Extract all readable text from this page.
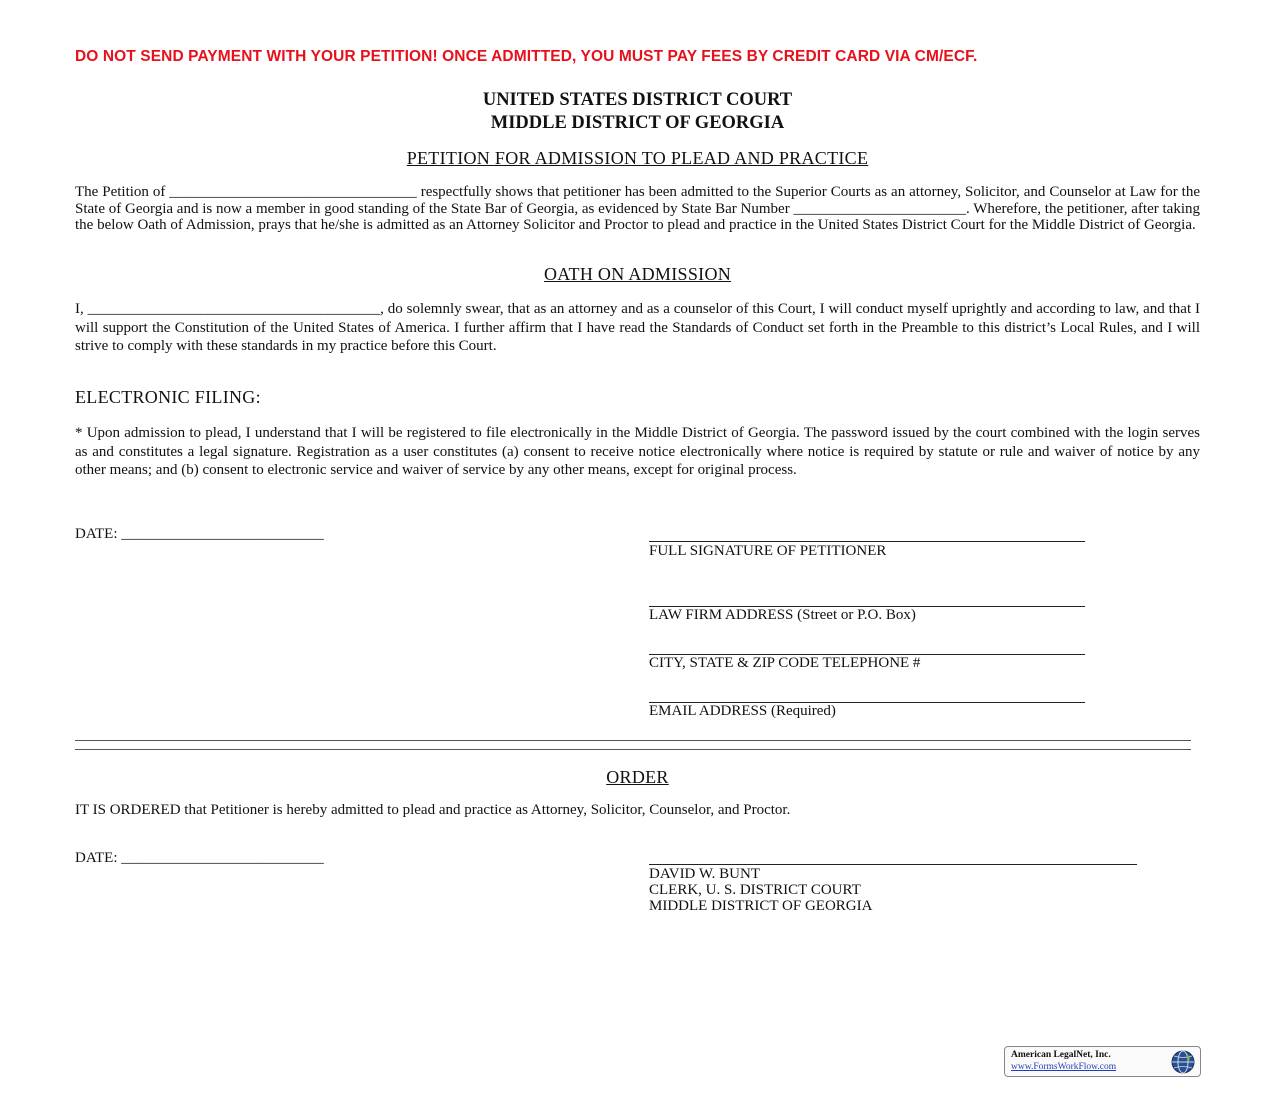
DO NOT SEND PAYMENT WITH YOUR PETITION! ONCE ADMITTED, YOU MUST PAY FEES BY CREDIT CARD VIA CM/ECF.
UNITED STATES DISTRICT COURT
MIDDLE DISTRICT OF GEORGIA
PETITION FOR ADMISSION TO PLEAD AND PRACTICE
The Petition of _________________________________ respectfully shows that petitioner has been admitted to the Superior Courts as an attorney, Solicitor, and Counselor at Law for the State of Georgia and is now a member in good standing of the State Bar of Georgia, as evidenced by State Bar Number _______________________. Wherefore, the petitioner, after taking the below Oath of Admission, prays that he/she is admitted as an Attorney Solicitor and Proctor to plead and practice in the United States District Court for the Middle District of Georgia.
OATH ON ADMISSION
I, _______________________________________, do solemnly swear, that as an attorney and as a counselor of this Court, I will conduct myself uprightly and according to law, and that I will support the Constitution of the United States of America. I further affirm that I have read the Standards of Conduct set forth in the Preamble to this district’s Local Rules, and I will strive to comply with these standards in my practice before this Court.
ELECTRONIC FILING:
* Upon admission to plead, I understand that I will be registered to file electronically in the Middle District of Georgia. The password issued by the court combined with the login serves as and constitutes a legal signature. Registration as a user constitutes (a) consent to receive notice electronically where notice is required by statute or rule and waiver of notice by any other means; and (b) consent to electronic service and waiver of service by any other means, except for original process.
DATE: ___________________________
FULL SIGNATURE OF PETITIONER
LAW FIRM ADDRESS (Street or P.O. Box)
CITY, STATE & ZIP CODE TELEPHONE #
EMAIL ADDRESS (Required)
ORDER
IT IS ORDERED that Petitioner is hereby admitted to plead and practice as Attorney, Solicitor, Counselor, and Proctor.
DATE: ___________________________
DAVID W. BUNT
CLERK, U. S. DISTRICT COURT
MIDDLE DISTRICT OF GEORGIA
American LegalNet, Inc.
www.FormsWorkFlow.com
